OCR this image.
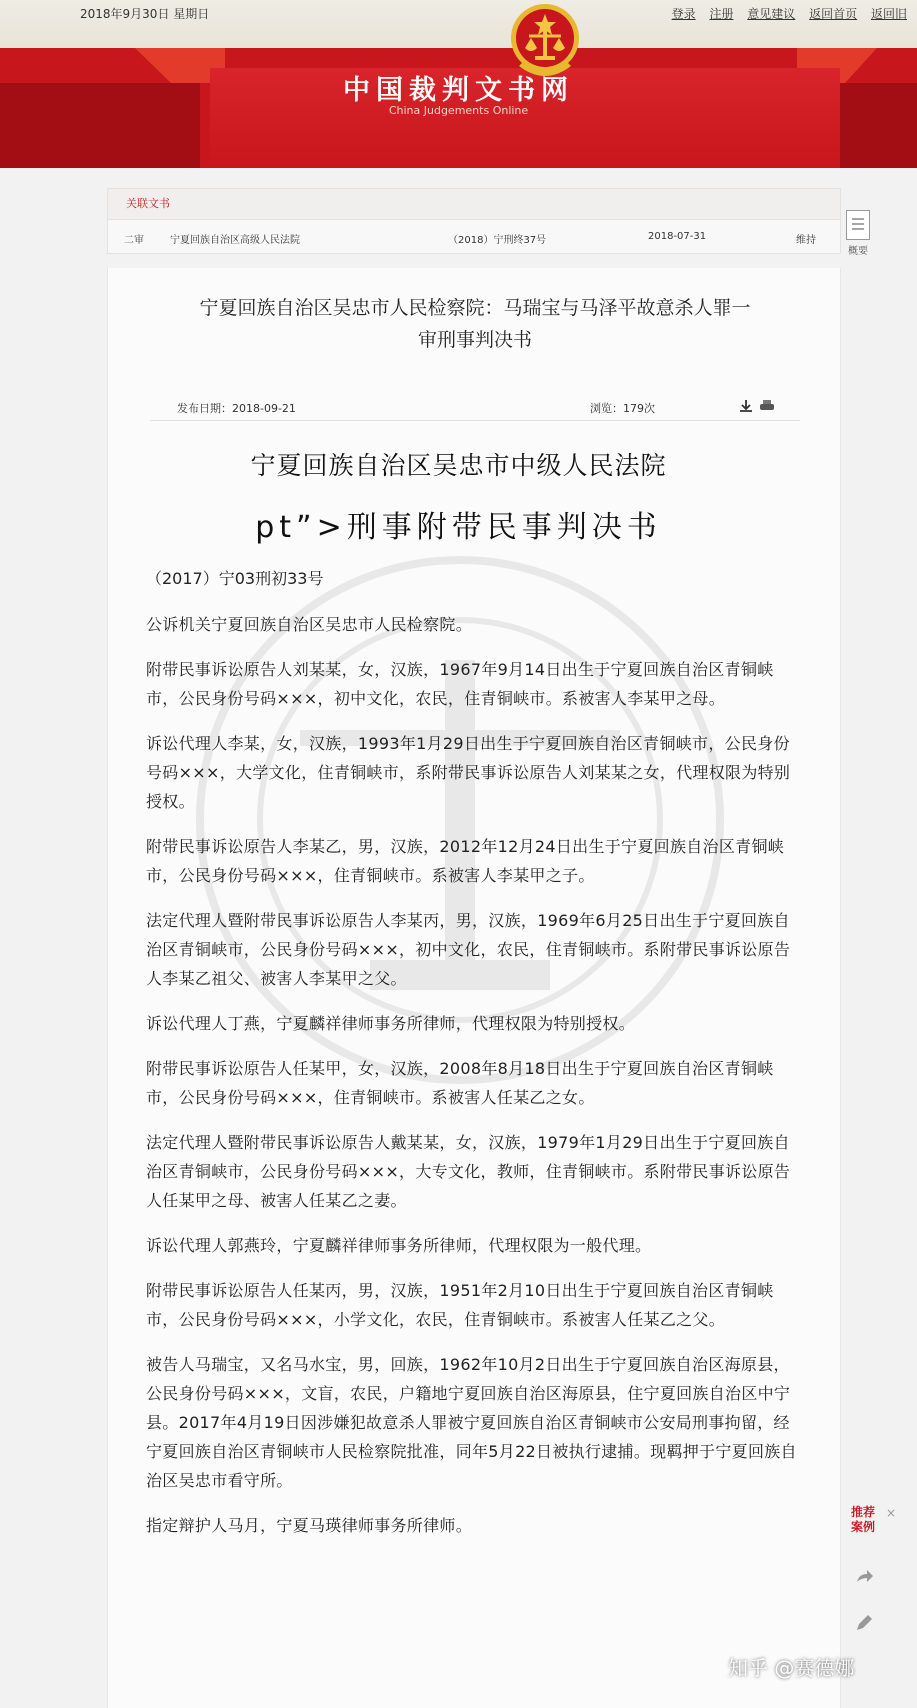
2018年9月30日 星期日	登录 注册 意见建议 返回首页 返回旧
中国裁判文书网
China Judgements Online
关联文书
二审	宁夏回族自治区高级人民法院	（2018）宁刑终37号	2018-07-31	维持
概要
宁夏回族自治区吴忠市人民检察院：马瑞宝与马泽平故意杀人罪一
审刑事判决书
发布日期：2018-09-21	浏览：179次
宁夏回族自治区吴忠市中级人民法院
pt”>刑事附带民事判决书
（2017）宁03刑初33号

公诉机关宁夏回族自治区吴忠市人民检察院。

附带民事诉讼原告人刘某某，女，汉族，1967年9月14日出生于宁夏回族自治区青铜峡市，公民身份号码×××，初中文化，农民，住青铜峡市。系被害人李某甲之母。

诉讼代理人李某，女，汉族，1993年1月29日出生于宁夏回族自治区青铜峡市，公民身份号码×××，大学文化，住青铜峡市，系附带民事诉讼原告人刘某某之女，代理权限为特别授权。

附带民事诉讼原告人李某乙，男，汉族，2012年12月24日出生于宁夏回族自治区青铜峡市，公民身份号码×××，住青铜峡市。系被害人李某甲之子。

法定代理人暨附带民事诉讼原告人李某丙，男，汉族，1969年6月25日出生于宁夏回族自治区青铜峡市，公民身份号码×××，初中文化，农民，住青铜峡市。系附带民事诉讼原告人李某乙祖父、被害人李某甲之父。

诉讼代理人丁燕，宁夏麟祥律师事务所律师，代理权限为特别授权。

附带民事诉讼原告人任某甲，女，汉族，2008年8月18日出生于宁夏回族自治区青铜峡市，公民身份号码×××，住青铜峡市。系被害人任某乙之女。

法定代理人暨附带民事诉讼原告人戴某某，女，汉族，1979年1月29日出生于宁夏回族自治区青铜峡市，公民身份号码×××，大专文化，教师，住青铜峡市。系附带民事诉讼原告人任某甲之母、被害人任某乙之妻。

诉讼代理人郭燕玲，宁夏麟祥律师事务所律师，代理权限为一般代理。

附带民事诉讼原告人任某丙，男，汉族，1951年2月10日出生于宁夏回族自治区青铜峡市，公民身份号码×××，小学文化，农民，住青铜峡市。系被害人任某乙之父。

被告人马瑞宝，又名马水宝，男，回族，1962年10月2日出生于宁夏回族自治区海原县，公民身份号码×××，文盲，农民，户籍地宁夏回族自治区海原县，住宁夏回族自治区中宁县。2017年4月19日因涉嫌犯故意杀人罪被宁夏回族自治区青铜峡市公安局刑事拘留，经宁夏回族自治区青铜峡市人民检察院批准，同年5月22日被执行逮捕。现羁押于宁夏回族自治区吴忠市看守所。

指定辩护人马月，宁夏马瑛律师事务所律师。

推荐案例
×
知乎 @赛德娜
